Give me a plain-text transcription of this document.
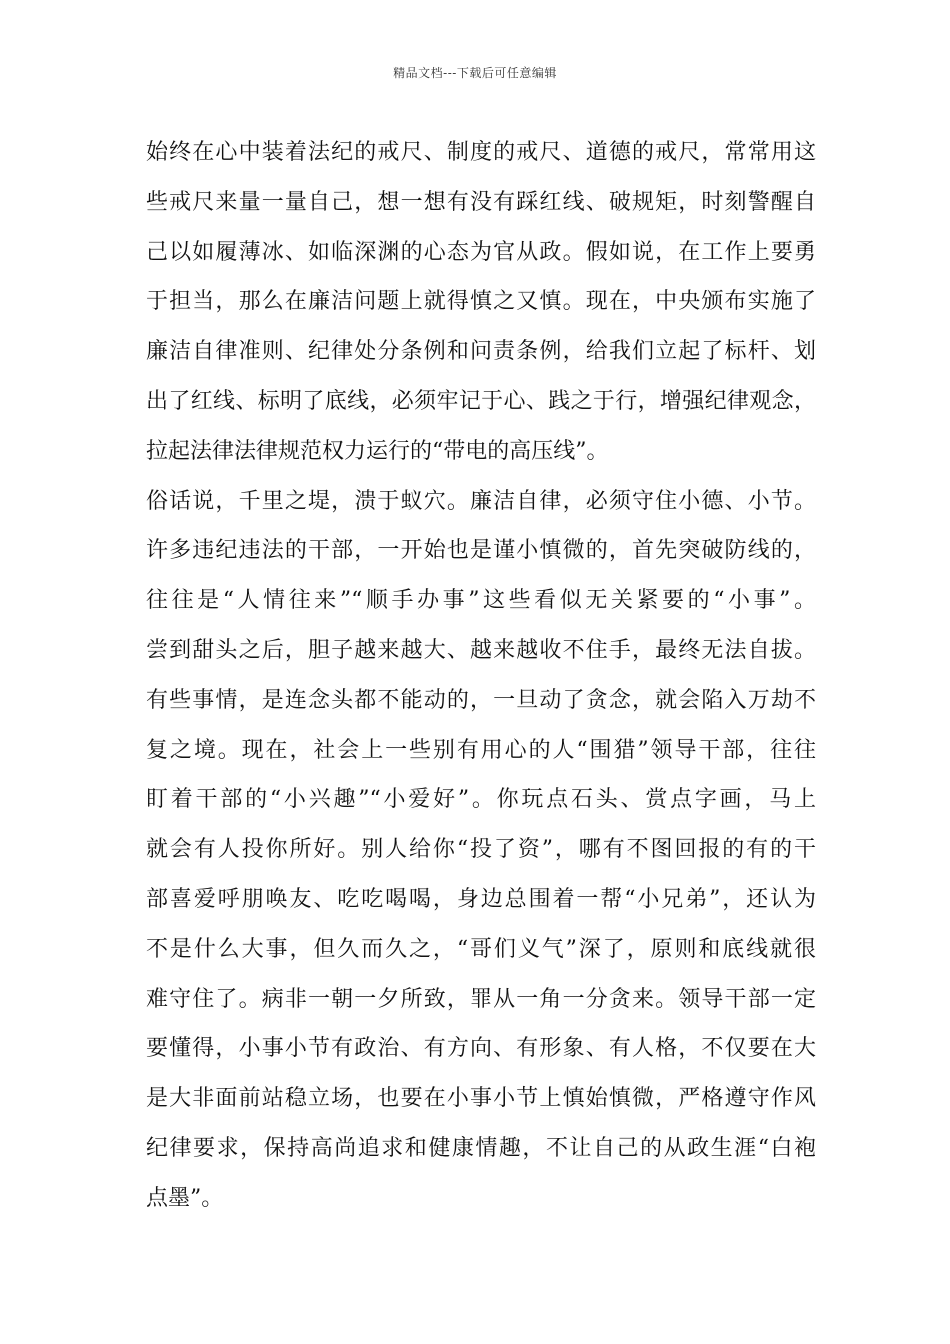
精品文档---下载后可任意编辑
始终在心中装着法纪的戒尺、制度的戒尺、道德的戒尺，常常用这
些戒尺来量一量自己，想一想有没有踩红线、破规矩，时刻警醒自
己以如履薄冰、如临深渊的心态为官从政。假如说，在工作上要勇
于担当，那么在廉洁问题上就得慎之又慎。现在，中央颁布实施了
廉洁自律准则、纪律处分条例和问责条例，给我们立起了标杆、划
出了红线、标明了底线，必须牢记于心、践之于行，增强纪律观念，
拉起法律法律规范权力运行的“带电的高压线”。
俗话说，千里之堤，溃于蚁穴。廉洁自律，必须守住小德、小节。
许多违纪违法的干部，一开始也是谨小慎微的，首先突破防线的，
往往是“人情往来”“顺手办事”这些看似无关紧要的“小事”。
尝到甜头之后，胆子越来越大、越来越收不住手，最终无法自拔。
有些事情，是连念头都不能动的，一旦动了贪念，就会陷入万劫不
复之境。现在，社会上一些别有用心的人“围猎”领导干部，往往
盯着干部的“小兴趣”“小爱好”。你玩点石头、赏点字画，马上
就会有人投你所好。别人给你“投了资”，哪有不图回报的有的干
部喜爱呼朋唤友、吃吃喝喝，身边总围着一帮“小兄弟”，还认为
不是什么大事，但久而久之，“哥们义气”深了，原则和底线就很
难守住了。病非一朝一夕所致，罪从一角一分贪来。领导干部一定
要懂得，小事小节有政治、有方向、有形象、有人格，不仅要在大
是大非面前站稳立场，也要在小事小节上慎始慎微，严格遵守作风
纪律要求，保持高尚追求和健康情趣，不让自己的从政生涯“白袍
点墨”。
